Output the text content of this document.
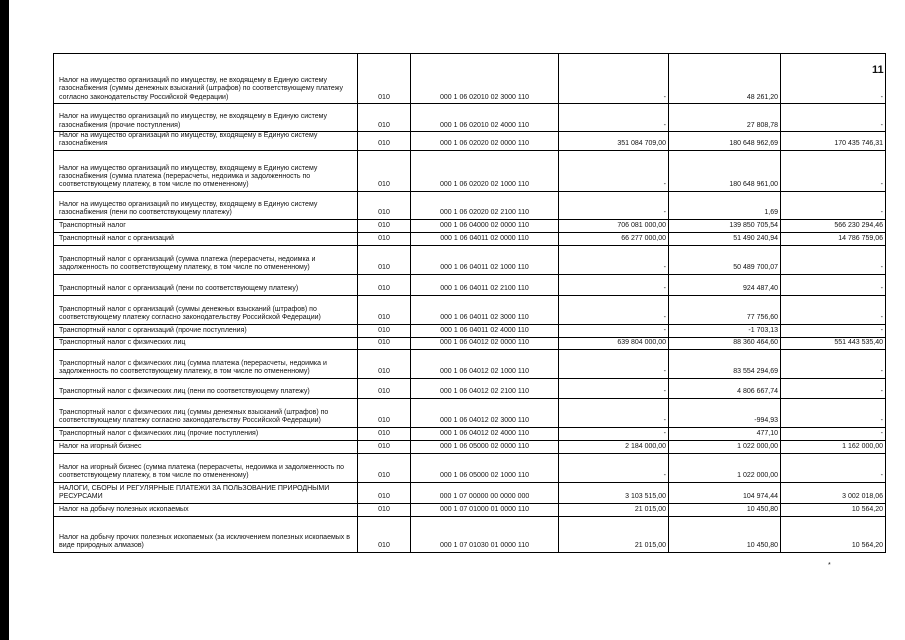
11
*
Налог на имущество организаций по имуществу, не входящему в Единую систему газоснабжения (суммы денежных взысканий (штрафов) по соответствующему платежу согласно законодательству Российской Федерации)	010	000 1 06 02010 02 3000 110	-	48 261,20	-
Налог на имущество организаций по имуществу, не входящему в Единую систему газоснабжения (прочие поступления)	010	000 1 06 02010 02 4000 110	-	27 808,78	-
Налог на имущество организаций по имуществу, входящему в Единую систему газоснабжения	010	000 1 06 02020 02 0000 110	351 084 709,00	180 648 962,69	170 435 746,31
Налог на имущество организаций по имуществу, входящему в Единую систему газоснабжения (сумма платежа (перерасчеты, недоимка и задолженность по соответствующему платежу, в том числе по отмененному)	010	000 1 06 02020 02 1000 110	-	180 648 961,00	-
Налог на имущество организаций по имуществу, входящему в Единую систему газоснабжения (пени по соответствующему платежу)	010	000 1 06 02020 02 2100 110	-	1,69	-
Транспортный налог	010	000 1 06 04000 02 0000 110	706 081 000,00	139 850 705,54	566 230 294,46
Транспортный налог с организаций	010	000 1 06 04011 02 0000 110	66 277 000,00	51 490 240,94	14 786 759,06
Транспортный налог с организаций (сумма платежа (перерасчеты, недоимка и задолженность по соответствующему платежу, в том числе по отмененному)	010	000 1 06 04011 02 1000 110	-	50 489 700,07	-
Транспортный налог с организаций (пени по соответствующему платежу)	010	000 1 06 04011 02 2100 110	-	924 487,40	-
Транспортный налог с организаций (суммы денежных взысканий (штрафов) по соответствующему платежу согласно законодательству Российской Федерации)	010	000 1 06 04011 02 3000 110	-	77 756,60	-
Транспортный налог с организаций (прочие поступления)	010	000 1 06 04011 02 4000 110	-	-1 703,13	-
Транспортный налог с физических лиц	010	000 1 06 04012 02 0000 110	639 804 000,00	88 360 464,60	551 443 535,40
Транспортный налог с физических лиц (сумма платежа (перерасчеты, недоимка и задолженность по соответствующему платежу, в том числе по отмененному)	010	000 1 06 04012 02 1000 110	-	83 554 294,69	-
Транспортный налог с физических лиц (пени по соответствующему платежу)	010	000 1 06 04012 02 2100 110	-	4 806 667,74	-
Транспортный налог с физических лиц (суммы денежных взысканий (штрафов) по соответствующему платежу согласно законодательству Российской Федерации)	010	000 1 06 04012 02 3000 110	-	-994,93	-
Транспортный налог с физических лиц (прочие поступления)	010	000 1 06 04012 02 4000 110	-	477,10	-
Налог на игорный бизнес	010	000 1 06 05000 02 0000 110	2 184 000,00	1 022 000,00	1 162 000,00
Налог на игорный бизнес (сумма платежа (перерасчеты, недоимка и задолженность по соответствующему платежу, в том числе по отмененному)	010	000 1 06 05000 02 1000 110	-	1 022 000,00	-
НАЛОГИ, СБОРЫ И РЕГУЛЯРНЫЕ ПЛАТЕЖИ ЗА ПОЛЬЗОВАНИЕ ПРИРОДНЫМИ РЕСУРСАМИ	010	000 1 07 00000 00 0000 000	3 103 515,00	104 974,44	3 002 018,06
Налог на добычу полезных ископаемых	010	000 1 07 01000 01 0000 110	21 015,00	10 450,80	10 564,20
Налог на добычу прочих полезных ископаемых (за исключением полезных ископаемых в виде природных алмазов)	010	000 1 07 01030 01 0000 110	21 015,00	10 450,80	10 564,20
